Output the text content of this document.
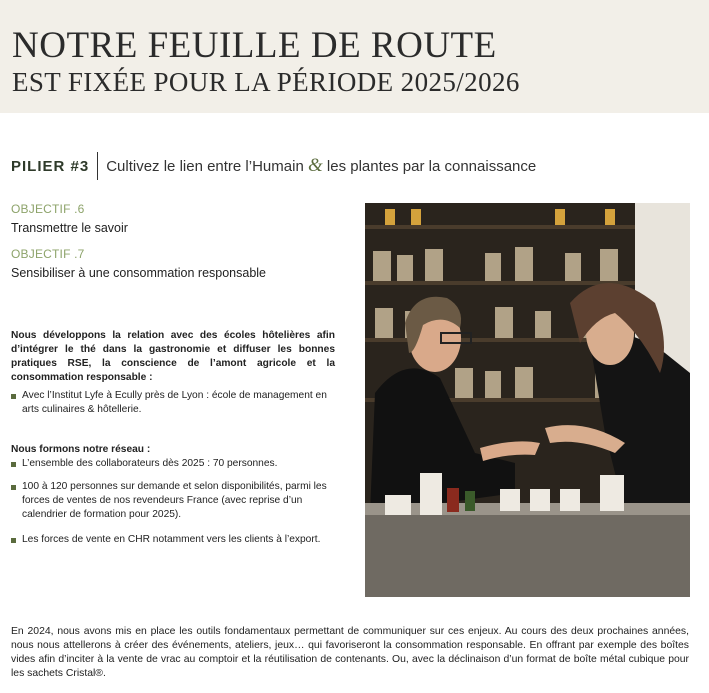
NOTRE FEUILLE DE ROUTE
EST FIXÉE POUR LA PÉRIODE 2025/2026
PILIER #3 Cultivez le lien entre l’Humain & les plantes par la connaissance
OBJECTIF .6
Transmettre le savoir
OBJECTIF .7
Sensibiliser à une consommation responsable
Nous développons la relation avec des écoles hôtelières afin d’intégrer le thé dans la gastronomie et diffuser les bonnes pratiques RSE, la conscience de l’amont agricole et la consommation responsable :
Avec l’Institut Lyfe à Ecully près de Lyon : école de management en arts culinaires & hôtellerie.
Nous formons notre réseau :
L’ensemble des collaborateurs dès 2025 : 70 personnes.
100 à 120 personnes sur demande et selon disponibilités, parmi les forces de ventes de nos revendeurs France (avec reprise d’un calendrier de formation pour 2025).
Les forces de vente en CHR notamment vers les clients à l’export.
En 2024, nous avons mis en place les outils fondamentaux permettant de communiquer sur ces enjeux. Au cours des deux prochaines années, nous nous attellerons à créer des événements, ateliers, jeux… qui favoriseront la consommation responsable. En offrant par exemple des boîtes vides afin d’inciter à la vente de vrac au comptoir et la réutilisation de contenants. Ou, avec la déclinaison d’un format de boîte métal cubique pour les sachets Cristal®.
